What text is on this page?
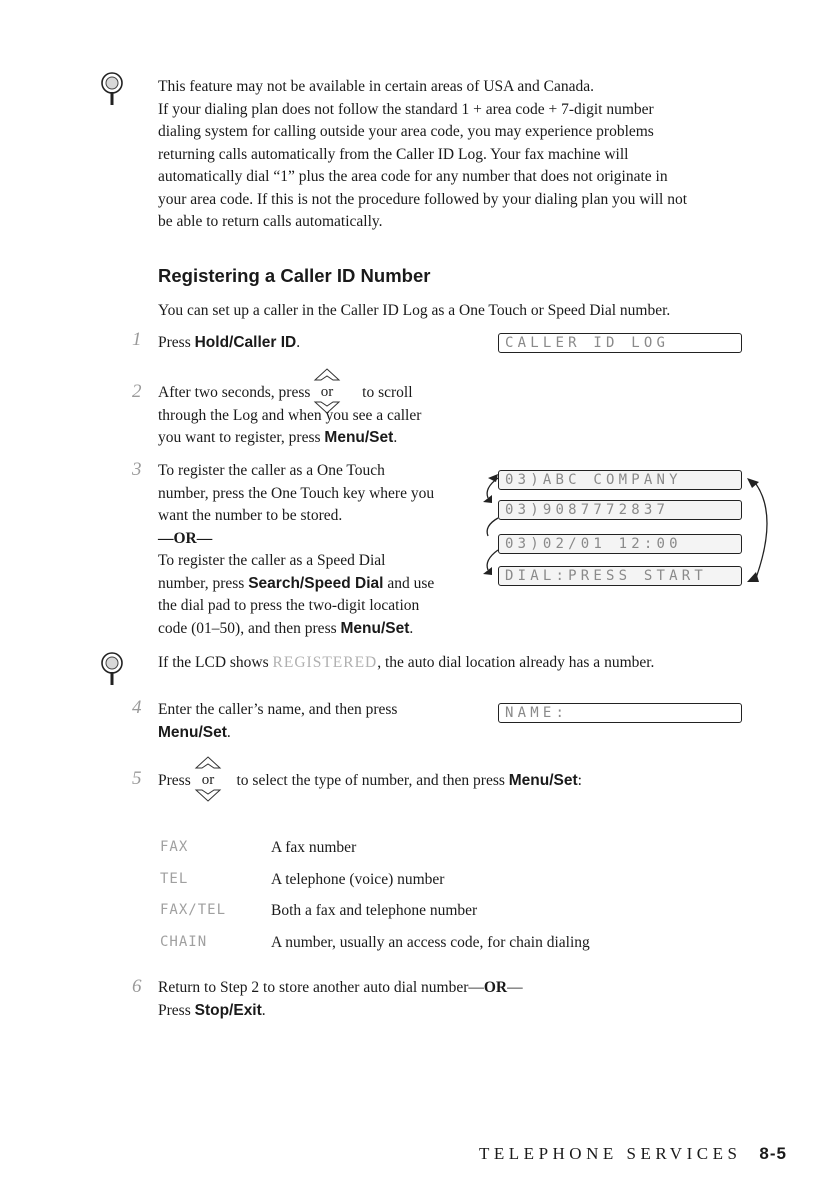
This feature may not be available in certain areas of USA and Canada.
If your dialing plan does not follow the standard 1 + area code + 7-digit number
dialing system for calling outside your area code, you may experience problems
returning calls automatically from the Caller ID Log. Your fax machine will
automatically dial “1” plus the area code for any number that does not originate in
your area code. If this is not the procedure followed by your dialing plan you will not
be able to return calls automatically.
Registering a Caller ID Number
You can set up a caller in the Caller ID Log as a One Touch or Speed Dial number.
1 Press Hold/Caller ID.	CALLER ID LOG
2 After two seconds, press	to scroll
or
through the Log and when you see a caller
you want to register, press Menu/Set.
3 To register the caller as a One Touch
number, press the One Touch key where you
want the number to be stored.
—OR—
To register the caller as a Speed Dial
number, press Search/Speed Dial and use
the dial pad to press the two-digit location
code (01–50), and then press Menu/Set.
03)ABC COMPANY
03)9087772837
03)02/01 12:00
DIAL:PRESS START
If the LCD shows REGISTERED, the auto dial location already has a number.
4 Enter the caller’s name, and then press
Menu/Set.
NAME:
5 Press  to select the type of number, and then press Menu/Set:
or
FAX	A fax number
TEL	A telephone (voice) number
FAX/TEL	Both a fax and telephone number
CHAIN	A number, usually an access code, for chain dialing
6 Return to Step 2 to store another auto dial number—OR—
Press Stop/Exit.
TELEPHONE SERVICES 8-5
